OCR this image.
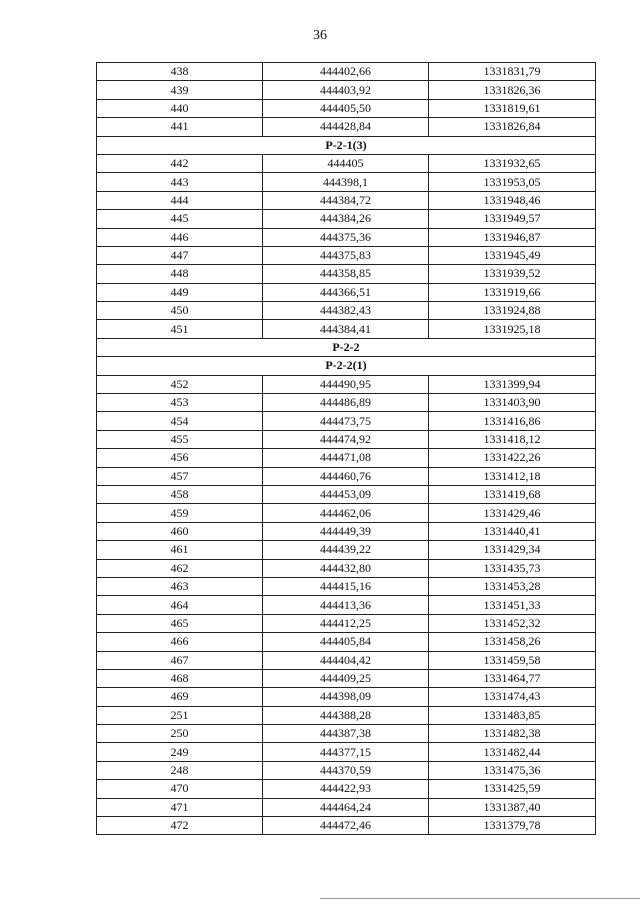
36
438	444402,66	1331831,79
439	444403,92	1331826,36
440	444405,50	1331819,61
441	444428,84	1331826,84
Р-2-1(3)		
442	444405	1331932,65
443	444398,1	1331953,05
444	444384,72	1331948,46
445	444384,26	1331949,57
446	444375,36	1331946,87
447	444375,83	1331945,49
448	444358,85	1331939,52
449	444366,51	1331919,66
450	444382,43	1331924,88
451	444384,41	1331925,18
Р-2-2		
Р-2-2(1)		
452	444490,95	1331399,94
453	444486,89	1331403,90
454	444473,75	1331416,86
455	444474,92	1331418,12
456	444471,08	1331422,26
457	444460,76	1331412,18
458	444453,09	1331419,68
459	444462,06	1331429,46
460	444449,39	1331440,41
461	444439,22	1331429,34
462	444432,80	1331435,73
463	444415,16	1331453,28
464	444413,36	1331451,33
465	444412,25	1331452,32
466	444405,84	1331458,26
467	444404,42	1331459,58
468	444409,25	1331464,77
469	444398,09	1331474,43
251	444388,28	1331483,85
250	444387,38	1331482,38
249	444377,15	1331482,44
248	444370,59	1331475,36
470	444422,93	1331425,59
471	444464,24	1331387,40
472	444472,46	1331379,78
